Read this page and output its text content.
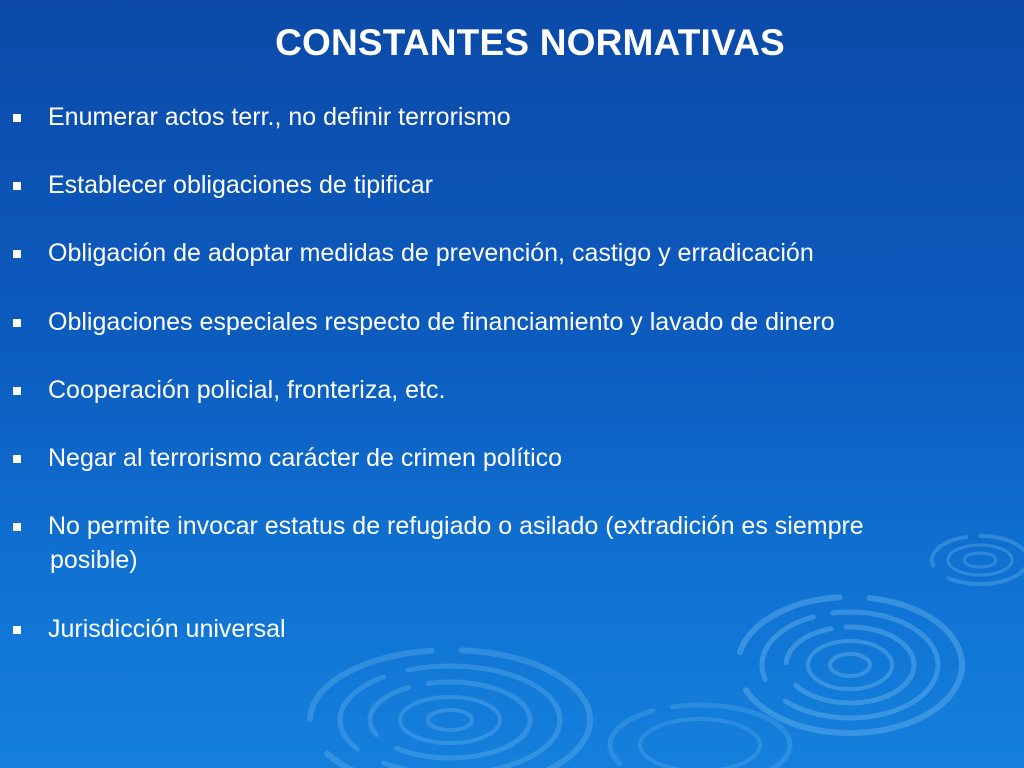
CONSTANTES NORMATIVAS
Enumerar actos terr., no definir terrorismo
Establecer obligaciones de tipificar
Obligación de adoptar medidas de prevención, castigo y erradicación
Obligaciones especiales respecto de financiamiento y lavado de dinero
Cooperación policial, fronteriza, etc.
Negar al terrorismo carácter de crimen político
No permite invocar estatus de refugiado o asilado (extradición es siempre
posible)
Jurisdicción universal
